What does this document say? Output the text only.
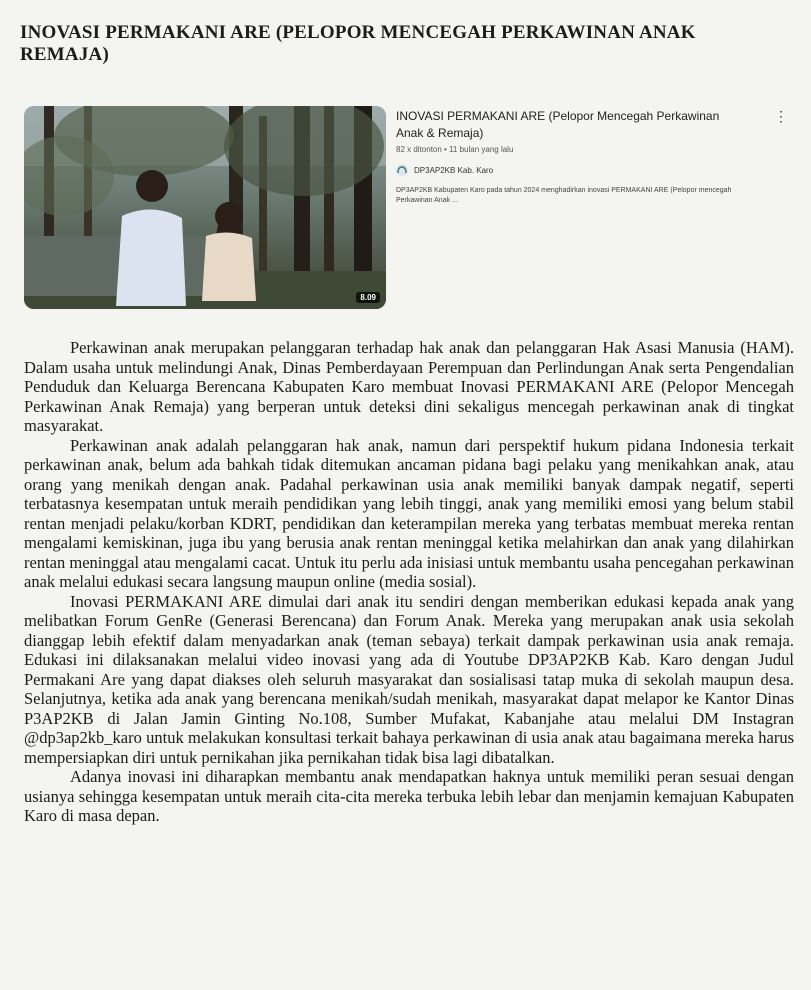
INOVASI PERMAKANI ARE (PELOPOR MENCEGAH PERKAWINAN ANAK REMAJA)
8.09
INOVASI PERMAKANI ARE (Pelopor Mencegah Perkawinan Anak & Remaja)
⋮
82 x ditonton • 11 bulan yang lalu
DP3AP2KB Kab. Karo
DP3AP2KB Kabupaten Karo pada tahun 2024 menghadirkan inovasi PERMAKANI ARE (Pelopor mencegah Perkawinan Anak ...

Perkawinan anak merupakan pelanggaran terhadap hak anak dan pelanggaran Hak Asasi Manusia (HAM). Dalam usaha untuk melindungi Anak, Dinas Pemberdayaan Perempuan dan Perlindungan Anak serta Pengendalian Penduduk dan Keluarga Berencana Kabupaten Karo membuat Inovasi PERMAKANI ARE (Pelopor Mencegah Perkawinan Anak Remaja) yang berperan untuk deteksi dini sekaligus mencegah perkawinan anak di tingkat masyarakat.

Perkawinan anak adalah pelanggaran hak anak, namun dari perspektif hukum pidana Indonesia terkait perkawinan anak, belum ada bahkah tidak ditemukan ancaman pidana bagi pelaku yang menikahkan anak, atau orang yang menikah dengan anak. Padahal perkawinan usia anak memiliki banyak dampak negatif, seperti terbatasnya kesempatan untuk meraih pendidikan yang lebih tinggi, anak yang memiliki emosi yang belum stabil rentan menjadi pelaku/korban KDRT, pendidikan dan keterampilan mereka yang terbatas membuat mereka rentan mengalami kemiskinan, juga ibu yang berusia anak rentan meninggal ketika melahirkan dan anak yang dilahirkan rentan meninggal atau mengalami cacat. Untuk itu perlu ada inisiasi untuk membantu usaha pencegahan perkawinan anak melalui edukasi secara langsung maupun online (media sosial).

Inovasi PERMAKANI ARE dimulai dari anak itu sendiri dengan memberikan edukasi kepada anak yang melibatkan Forum GenRe (Generasi Berencana) dan Forum Anak. Mereka yang merupakan anak usia sekolah dianggap lebih efektif dalam menyadarkan anak (teman sebaya) terkait dampak perkawinan usia anak remaja. Edukasi ini dilaksanakan melalui video inovasi yang ada di Youtube DP3AP2KB Kab. Karo dengan Judul Permakani Are yang dapat diakses oleh seluruh masyarakat dan sosialisasi tatap muka di sekolah maupun desa. Selanjutnya, ketika ada anak yang berencana menikah/sudah menikah, masyarakat dapat melapor ke Kantor Dinas P3AP2KB di Jalan Jamin Ginting No.108, Sumber Mufakat, Kabanjahe atau melalui DM Instagran @dp3ap2kb_karo untuk melakukan konsultasi terkait bahaya perkawinan di usia anak atau bagaimana mereka harus mempersiapkan diri untuk pernikahan jika pernikahan tidak bisa lagi dibatalkan.

Adanya inovasi ini diharapkan membantu anak mendapatkan haknya untuk memiliki peran sesuai dengan usianya sehingga kesempatan untuk meraih cita-cita mereka terbuka lebih lebar dan menjamin kemajuan Kabupaten Karo di masa depan.
